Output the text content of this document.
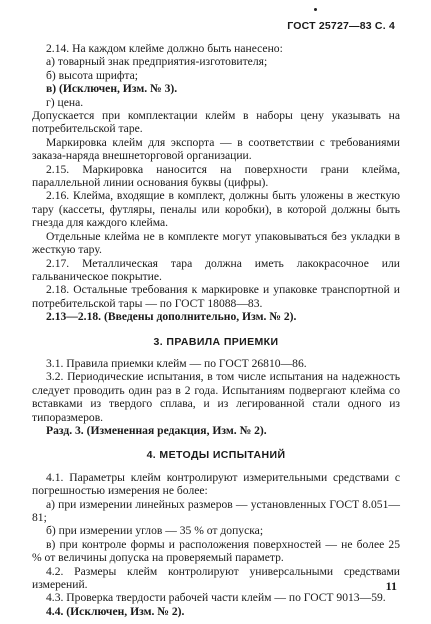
ГОСТ 25727—83 С. 4

2.14. На каждом клейме должно быть нанесено:

а) товарный знак предприятия-изготовителя;

б) высота шрифта;

в) (Исключен, Изм. № 3).

г) цена.

Допускается при комплектации клейм в наборы цену указывать на потребительской таре.

Маркировка клейм для экспорта — в соответствии с требованиями заказа-наряда внешнеторговой организации.

2.15. Маркировка наносится на поверхности грани клейма, параллельной линии основания буквы (цифры).

2.16. Клейма, входящие в комплект, должны быть уложены в жесткую тару (кассеты, футляры, пеналы или коробки), в которой должны быть гнезда для каждого клейма.

Отдельные клейма не в комплекте могут упаковываться без укладки в жесткую тару.

2.17. Металлическая тара должна иметь лакокрасочное или гальваническое покрытие.

2.18. Остальные требования к маркировке и упаковке транспортной и потребительской тары — по ГОСТ 18088—83.

2.13—2.18. (Введены дополнительно, Изм. № 2).

3. ПРАВИЛА ПРИЕМКИ

3.1. Правила приемки клейм — по ГОСТ 26810—86.

3.2. Периодические испытания, в том числе испытания на надежность следует проводить один раз в 2 года. Испытаниям подвергают клейма со вставками из твердого сплава, и из легированной стали одного из типоразмеров.

Разд. 3. (Измененная редакция, Изм. № 2).

4. МЕТОДЫ ИСПЫТАНИЙ

4.1. Параметры клейм контролируют измерительными средствами с погрешностью измерения не более:

а) при измерении линейных размеров — установленных ГОСТ 8.051—81;

б) при измерении углов — 35 % от допуска;

в) при контроле формы и расположения поверхностей — не более 25 % от величины допуска на проверяемый параметр.

4.2. Размеры клейм контролируют универсальными средствами измерений.

4.3. Проверка твердости рабочей части клейм — по ГОСТ 9013—59.

4.4. (Исключен, Изм. № 2).

11
